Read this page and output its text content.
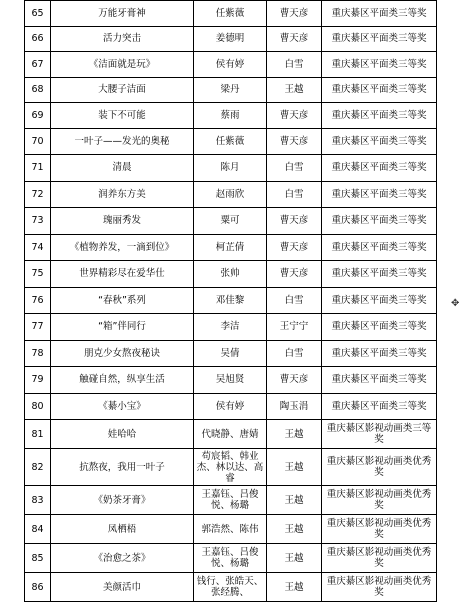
65	万能牙膏神	任紫薇	曹天彦	重庆綦区平面类三等奖
66	活力突击	姜德明	曹天彦	重庆綦区平面类三等奖
67	《洁面就是玩》	侯有婷	白雪	重庆綦区平面类三等奖
68	大腰子洁面	梁丹	王越	重庆綦区平面类三等奖
69	装下不可能	蔡雨	曹天彦	重庆綦区平面类三等奖
70	一叶子——发光的奥秘	任紫薇	曹天彦	重庆綦区平面类三等奖
71	清晨	陈月	白雪	重庆綦区平面类三等奖
72	润养东方美	赵雨欣	白雪	重庆綦区平面类三等奖
73	瑰丽秀发	粟可	曹天彦	重庆綦区平面类三等奖
74	《植物养发，一滴到位》	柯芷倩	曹天彦	重庆綦区平面类三等奖
75	世界精彩尽在爱华仕	张帅	曹天彦	重庆綦区平面类三等奖
76	“春秋”系列	邓佳黎	白雪	重庆綦区平面类三等奖
77	“箱”伴同行	李洁	王宁宁	重庆綦区平面类三等奖
78	朋克少女熬夜秘诀	吴倩	白雪	重庆綦区平面类三等奖
79	触碰自然，纵享生活	吴旭贤	曹天彦	重庆綦区平面类三等奖
80	《綦小宝》	侯有婷	陶玉涓	重庆綦区平面类三等奖
81	娃哈哈	代晓静、唐婧	王越	重庆綦区影视动画类三等奖
82	抗熬夜，我用一叶子	苟宸韬、韩业杰、林以达、高睿	王越	重庆綦区影视动画类优秀奖
83	《奶茶牙膏》	王嘉钰、吕俊悦、杨璐	王越	重庆綦区影视动画类优秀奖
84	凤栖梧	郭浩然、陈伟	王越	重庆綦区影视动画类优秀奖
85	《治愈之茶》	王嘉钰、吕俊悦、杨璐	王越	重庆綦区影视动画类优秀奖
86	美颜活巾	钱行、张皓天、张经腾、	王越	重庆綦区影视动画类优秀奖
✥
